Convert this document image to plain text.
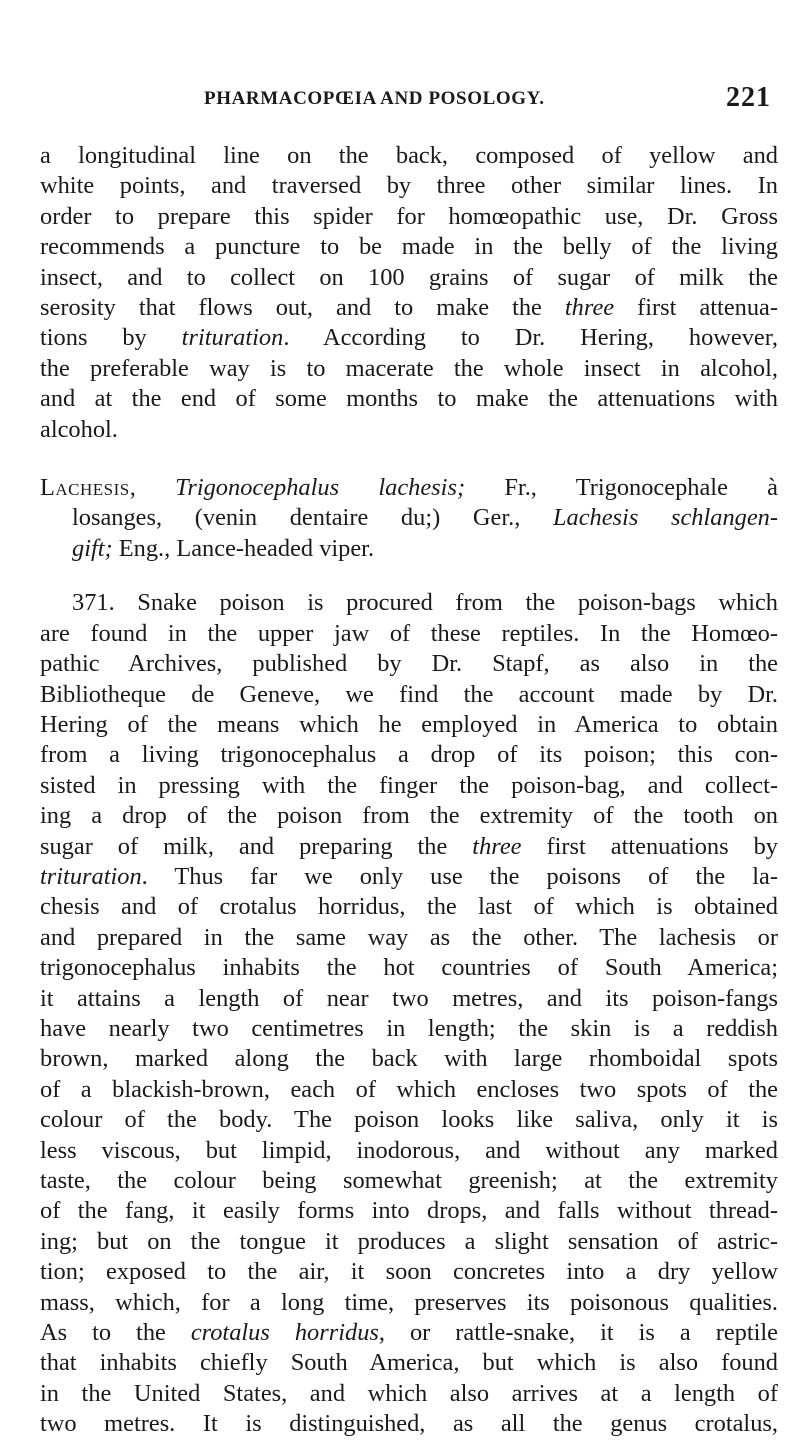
PHARMACOPŒIA AND POSOLOGY.	221
a longitudinal line on the back, composed of yellow and
white points, and traversed by three other similar lines. In
order to prepare this spider for homœopathic use, Dr. Gross
recommends a puncture to be made in the belly of the living
insect, and to collect on 100 grains of sugar of milk the
serosity that flows out, and to make the three first attenua-
tions by trituration. According to Dr. Hering, however,
the preferable way is to macerate the whole insect in alcohol,
and at the end of some months to make the attenuations with
alcohol.
Lachesis, Trigonocephalus lachesis; Fr., Trigonocephale à
losanges, (venin dentaire du;) Ger., Lachesis schlangen-
gift; Eng., Lance-headed viper.
371. Snake poison is procured from the poison-bags which
are found in the upper jaw of these reptiles. In the Homœo-
pathic Archives, published by Dr. Stapf, as also in the
Bibliotheque de Geneve, we find the account made by Dr.
Hering of the means which he employed in America to obtain
from a living trigonocephalus a drop of its poison; this con-
sisted in pressing with the finger the poison-bag, and collect-
ing a drop of the poison from the extremity of the tooth on
sugar of milk, and preparing the three first attenuations by
trituration. Thus far we only use the poisons of the la-
chesis and of crotalus horridus, the last of which is obtained
and prepared in the same way as the other. The lachesis or
trigonocephalus inhabits the hot countries of South America;
it attains a length of near two metres, and its poison-fangs
have nearly two centimetres in length; the skin is a reddish
brown, marked along the back with large rhomboidal spots
of a blackish-brown, each of which encloses two spots of the
colour of the body. The poison looks like saliva, only it is
less viscous, but limpid, inodorous, and without any marked
taste, the colour being somewhat greenish; at the extremity
of the fang, it easily forms into drops, and falls without thread-
ing; but on the tongue it produces a slight sensation of astric-
tion; exposed to the air, it soon concretes into a dry yellow
mass, which, for a long time, preserves its poisonous qualities.
As to the crotalus horridus, or rattle-snake, it is a reptile
that inhabits chiefly South America, but which is also found
in the United States, and which also arrives at a length of
two metres. It is distinguished, as all the genus crotalus,
